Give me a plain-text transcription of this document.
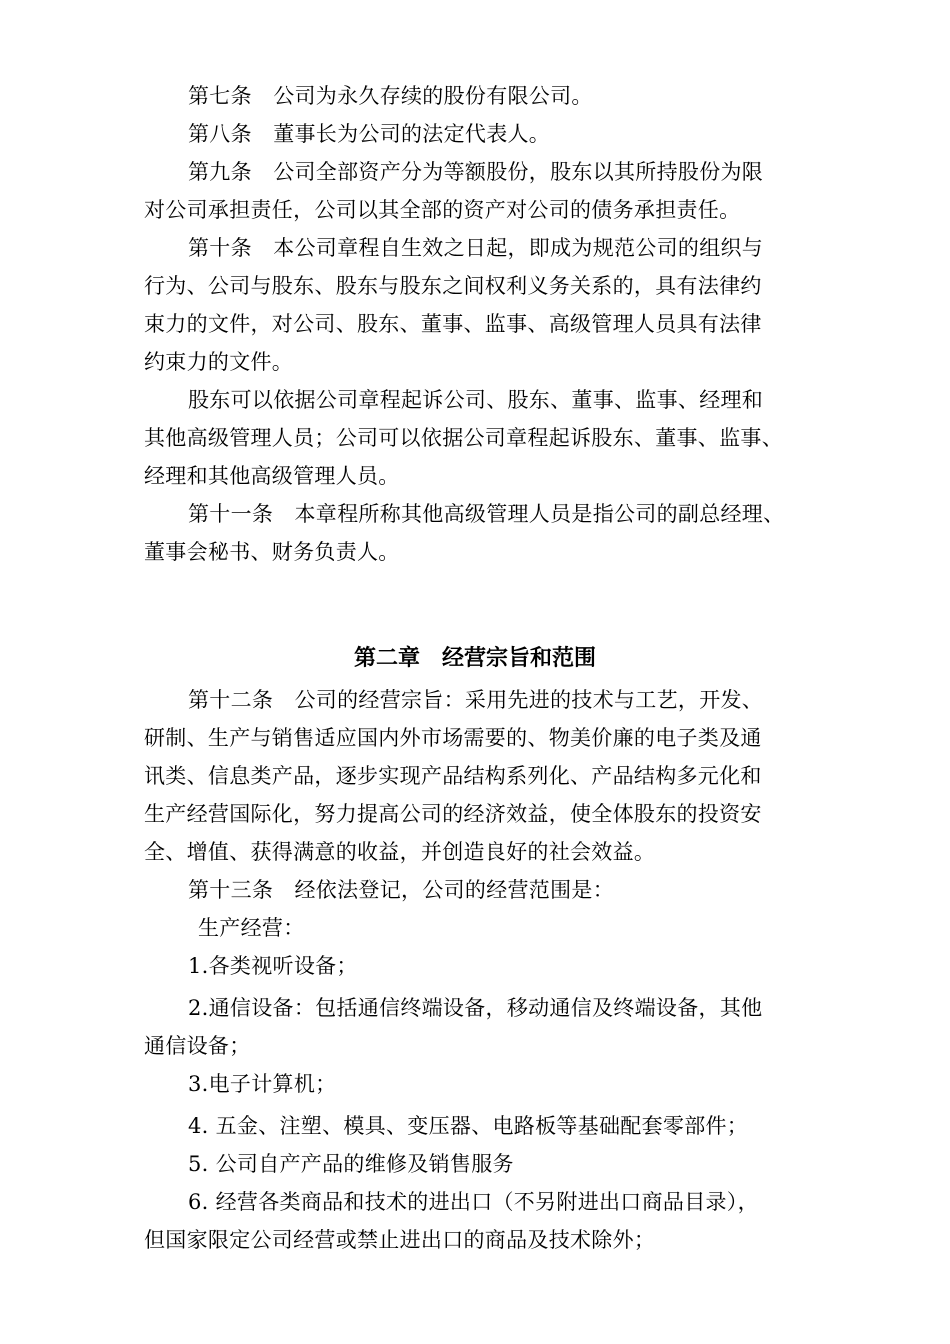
第七条　公司为永久存续的股份有限公司。
第八条　董事长为公司的法定代表人。
第九条　公司全部资产分为等额股份，股东以其所持股份为限
对公司承担责任，公司以其全部的资产对公司的债务承担责任。
第十条　本公司章程自生效之日起，即成为规范公司的组织与
行为、公司与股东、股东与股东之间权利义务关系的，具有法律约
束力的文件，对公司、股东、董事、监事、高级管理人员具有法律
约束力的文件。
股东可以依据公司章程起诉公司、股东、董事、监事、经理和
其他高级管理人员；公司可以依据公司章程起诉股东、董事、监事、
经理和其他高级管理人员。
第十一条　本章程所称其他高级管理人员是指公司的副总经理、
董事会秘书、财务负责人。
第二章　经营宗旨和范围
第十二条　公司的经营宗旨：采用先进的技术与工艺，开发、
研制、生产与销售适应国内外市场需要的、物美价廉的电子类及通
讯类、信息类产品，逐步实现产品结构系列化、产品结构多元化和
生产经营国际化，努力提高公司的经济效益，使全体股东的投资安
全、增值、获得满意的收益，并创造良好的社会效益。
第十三条　经依法登记，公司的经营范围是：
生产经营：
1.各类视听设备；
2.通信设备：包括通信终端设备，移动通信及终端设备，其他
通信设备；
3.电子计算机；
4. 五金、注塑、模具、变压器、电路板等基础配套零部件；
5. 公司自产产品的维修及销售服务
6. 经营各类商品和技术的进出口（不另附进出口商品目录），
但国家限定公司经营或禁止进出口的商品及技术除外；
